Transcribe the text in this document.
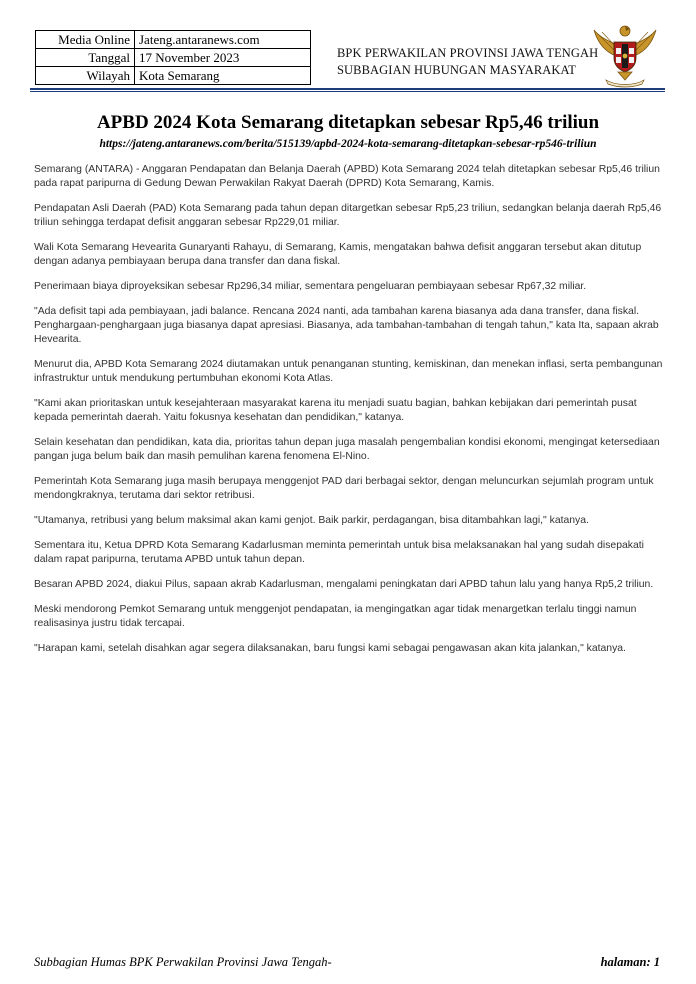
Media Online	Jateng.antaranews.com
Tanggal	17 November 2023
Wilayah	Kota Semarang
BPK PERWAKILAN PROVINSI JAWA TENGAH
SUBBAGIAN HUBUNGAN MASYARAKAT
APBD 2024 Kota Semarang ditetapkan sebesar Rp5,46 triliun
https://jateng.antaranews.com/berita/515139/apbd-2024-kota-semarang-ditetapkan-sebesar-rp546-triliun

Semarang (ANTARA) - Anggaran Pendapatan dan Belanja Daerah (APBD) Kota Semarang 2024 telah ditetapkan sebesar Rp5,46 triliun pada rapat paripurna di Gedung Dewan Perwakilan Rakyat Daerah (DPRD) Kota Semarang, Kamis.

Pendapatan Asli Daerah (PAD) Kota Semarang pada tahun depan ditargetkan sebesar Rp5,23 triliun, sedangkan belanja daerah Rp5,46 triliun sehingga terdapat defisit anggaran sebesar Rp229,01 miliar.

Wali Kota Semarang Hevearita Gunaryanti Rahayu, di Semarang, Kamis, mengatakan bahwa defisit anggaran tersebut akan ditutup dengan adanya pembiayaan berupa dana transfer dan dana fiskal.

Penerimaan biaya diproyeksikan sebesar Rp296,34 miliar, sementara pengeluaran pembiayaan sebesar Rp67,32 miliar.

"Ada defisit tapi ada pembiayaan, jadi balance. Rencana 2024 nanti, ada tambahan karena biasanya ada dana transfer, dana fiskal. Penghargaan-penghargaan juga biasanya dapat apresiasi. Biasanya, ada tambahan-tambahan di tengah tahun," kata Ita, sapaan akrab Hevearita.

Menurut dia, APBD Kota Semarang 2024 diutamakan untuk penanganan stunting, kemiskinan, dan menekan inflasi, serta pembangunan infrastruktur untuk mendukung pertumbuhan ekonomi Kota Atlas.

"Kami akan prioritaskan untuk kesejahteraan masyarakat karena itu menjadi suatu bagian, bahkan kebijakan dari pemerintah pusat kepada pemerintah daerah. Yaitu fokusnya kesehatan dan pendidikan," katanya.

Selain kesehatan dan pendidikan, kata dia, prioritas tahun depan juga masalah pengembalian kondisi ekonomi, mengingat ketersediaan pangan juga belum baik dan masih pemulihan karena fenomena El-Nino.

Pemerintah Kota Semarang juga masih berupaya menggenjot PAD dari berbagai sektor, dengan meluncurkan sejumlah program untuk mendongkraknya, terutama dari sektor retribusi.

"Utamanya, retribusi yang belum maksimal akan kami genjot. Baik parkir, perdagangan, bisa ditambahkan lagi," katanya.

Sementara itu, Ketua DPRD Kota Semarang Kadarlusman meminta pemerintah untuk bisa melaksanakan hal yang sudah disepakati dalam rapat paripurna, terutama APBD untuk tahun depan.

Besaran APBD 2024, diakui Pilus, sapaan akrab Kadarlusman, mengalami peningkatan dari APBD tahun lalu yang hanya Rp5,2 triliun.

Meski mendorong Pemkot Semarang untuk menggenjot pendapatan, ia mengingatkan agar tidak menargetkan terlalu tinggi namun realisasinya justru tidak tercapai.

"Harapan kami, setelah disahkan agar segera dilaksanakan, baru fungsi kami sebagai pengawasan akan kita jalankan," katanya.

Subbagian Humas BPK Perwakilan Provinsi Jawa Tengah-	halaman: 1
